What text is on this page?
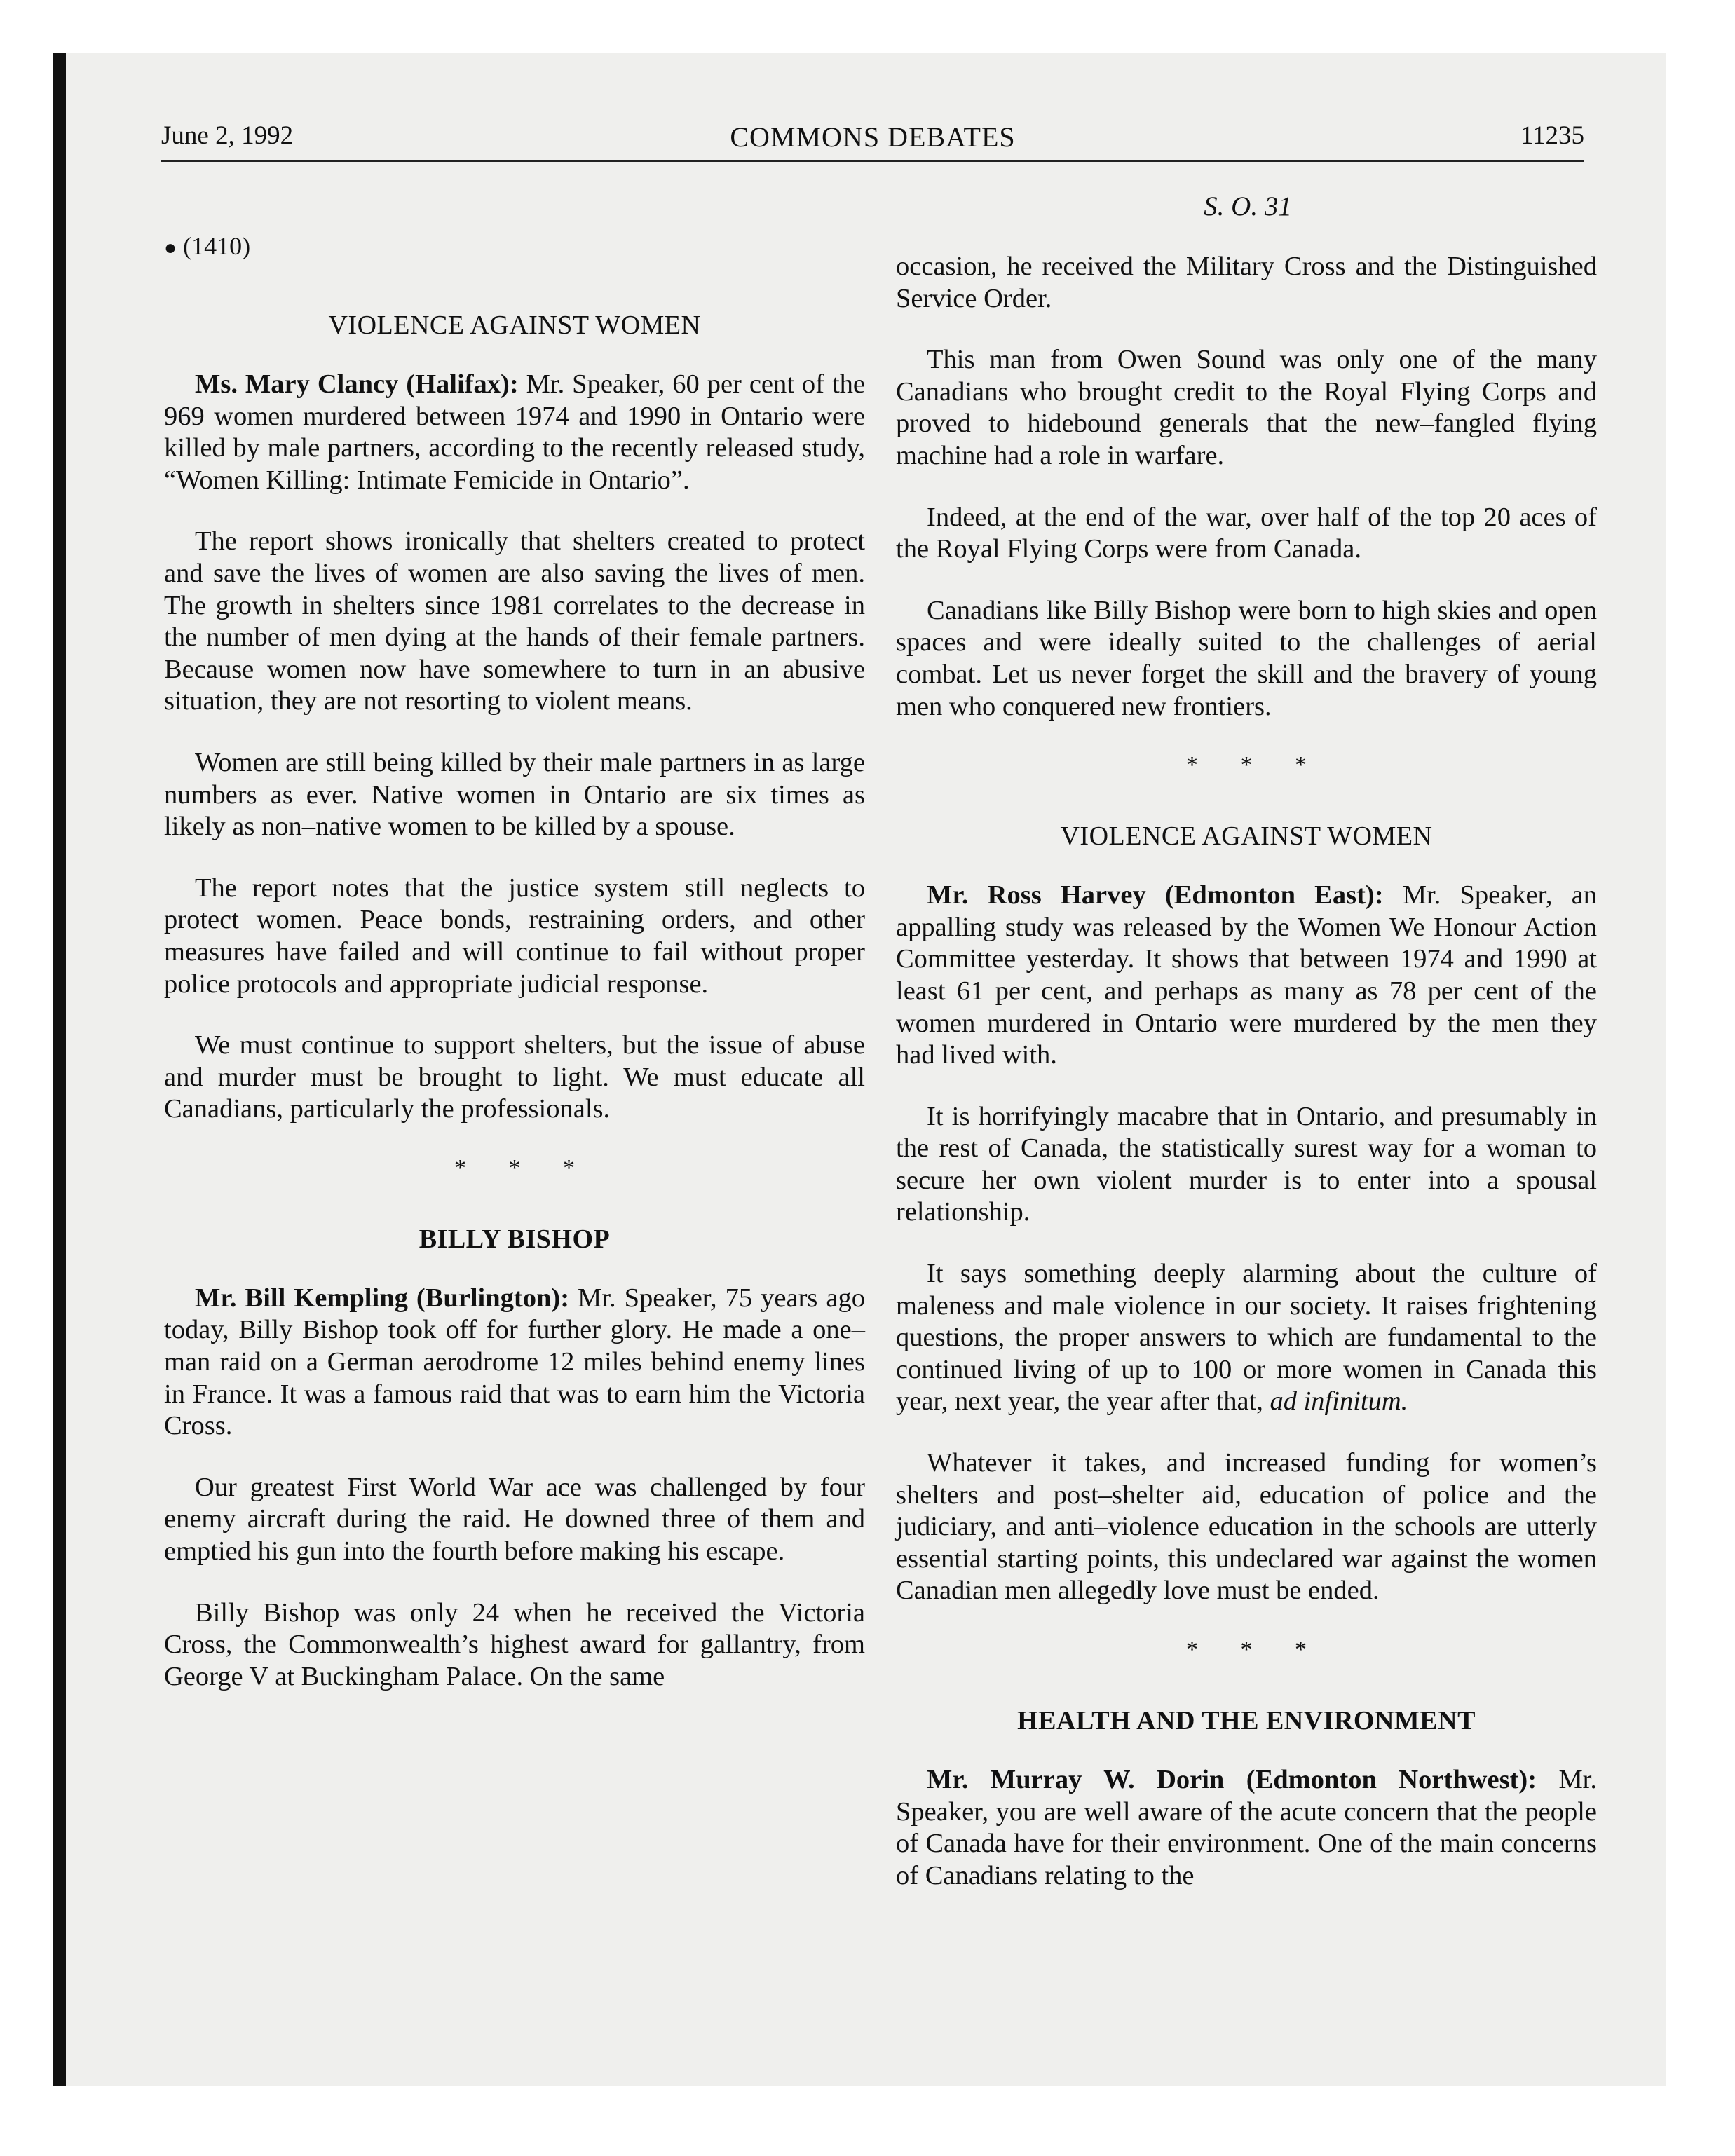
June 2, 1992	COMMONS DEBATES	11235
S. O. 31
● (1410)
VIOLENCE AGAINST WOMEN

Ms. Mary Clancy (Halifax): Mr. Speaker, 60 per cent of the 969 women murdered between 1974 and 1990 in Ontario were killed by male partners, according to the recently released study, “Women Killing: Intimate Femicide in Ontario”.

The report shows ironically that shelters created to protect and save the lives of women are also saving the lives of men. The growth in shelters since 1981 correlates to the decrease in the number of men dying at the hands of their female partners. Because women now have somewhere to turn in an abusive situation, they are not resorting to violent means.

Women are still being killed by their male partners in as large numbers as ever. Native women in Ontario are six times as likely as non–native women to be killed by a spouse.

The report notes that the justice system still neglects to protect women. Peace bonds, restraining orders, and other measures have failed and will continue to fail without proper police protocols and appropriate judicial response.

We must continue to support shelters, but the issue of abuse and murder must be brought to light. We must educate all Canadians, particularly the professionals.

* * *
BILLY BISHOP

Mr. Bill Kempling (Burlington): Mr. Speaker, 75 years ago today, Billy Bishop took off for further glory. He made a one–man raid on a German aerodrome 12 miles behind enemy lines in France. It was a famous raid that was to earn him the Victoria Cross.

Our greatest First World War ace was challenged by four enemy aircraft during the raid. He downed three of them and emptied his gun into the fourth before making his escape.

Billy Bishop was only 24 when he received the Victoria Cross, the Commonwealth’s highest award for gallantry, from George V at Buckingham Palace. On the same

occasion, he received the Military Cross and the Distinguished Service Order.

This man from Owen Sound was only one of the many Canadians who brought credit to the Royal Flying Corps and proved to hidebound generals that the new–fangled flying machine had a role in warfare.

Indeed, at the end of the war, over half of the top 20 aces of the Royal Flying Corps were from Canada.

Canadians like Billy Bishop were born to high skies and open spaces and were ideally suited to the challenges of aerial combat. Let us never forget the skill and the bravery of young men who conquered new frontiers.

* * *
VIOLENCE AGAINST WOMEN

Mr. Ross Harvey (Edmonton East): Mr. Speaker, an appalling study was released by the Women We Honour Action Committee yesterday. It shows that between 1974 and 1990 at least 61 per cent, and perhaps as many as 78 per cent of the women murdered in Ontario were murdered by the men they had lived with.

It is horrifyingly macabre that in Ontario, and presumably in the rest of Canada, the statistically surest way for a woman to secure her own violent murder is to enter into a spousal relationship.

It says something deeply alarming about the culture of maleness and male violence in our society. It raises frightening questions, the proper answers to which are fundamental to the continued living of up to 100 or more women in Canada this year, next year, the year after that, ad infinitum.

Whatever it takes, and increased funding for women’s shelters and post–shelter aid, education of police and the judiciary, and anti–violence education in the schools are utterly essential starting points, this undeclared war against the women Canadian men allegedly love must be ended.

* * *
HEALTH AND THE ENVIRONMENT

Mr. Murray W. Dorin (Edmonton Northwest): Mr. Speaker, you are well aware of the acute concern that the people of Canada have for their environment. One of the main concerns of Canadians relating to the
